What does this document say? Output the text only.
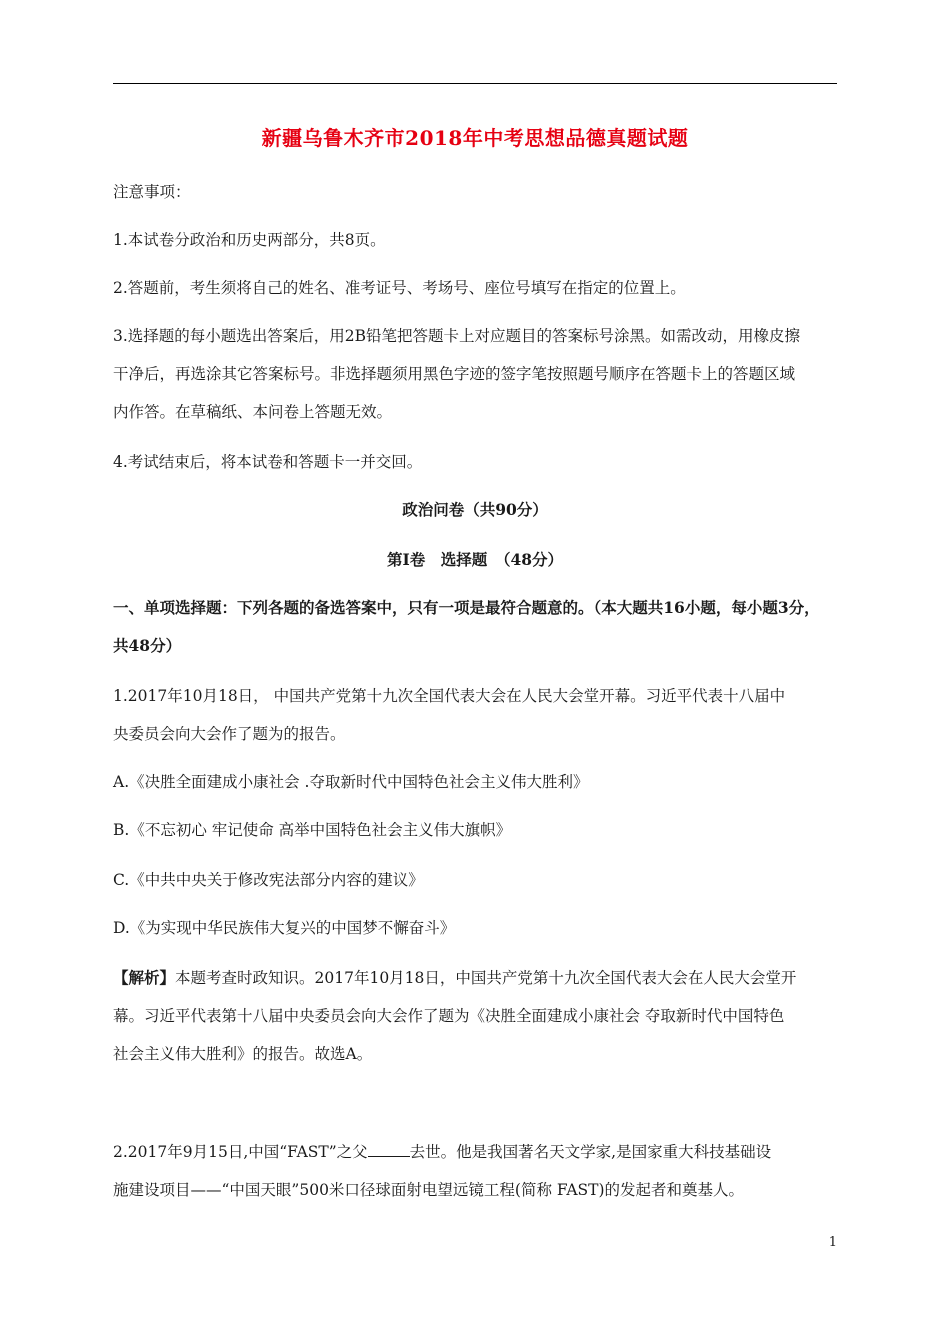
新疆乌鲁木齐市2018年中考思想品德真题试题
注意事项：
1.本试卷分政治和历史两部分，共8页。
2.答题前，考生须将自己的姓名、准考证号、考场号、座位号填写在指定的位置上。
3.选择题的每小题选出答案后，用2B铅笔把答题卡上对应题目的答案标号涂黑。如需改动，用橡皮擦
干净后，再选涂其它答案标号。非选择题须用黑色字迹的签字笔按照题号顺序在答题卡上的答题区域
内作答。在草稿纸、本问卷上答题无效。
4.考试结束后，将本试卷和答题卡一并交回。
政治问卷（共90分）
第Ⅰ卷　选择题　（48分）
一、单项选择题：下列各题的备选答案中，只有一项是最符合题意的。（本大题共16小题，每小题3分，
共48分）
1.2017年10月18日， 中国共产党第十九次全国代表大会在人民大会堂开幕。习近平代表十八届中
央委员会向大会作了题为的报告。
A.《决胜全面建成小康社会 .夺取新时代中国特色社会主义伟大胜利》
B.《不忘初心 牢记使命 高举中国特色社会主义伟大旗帜》
C.《中共中央关于修改宪法部分内容的建议》
D.《为实现中华民族伟大复兴的中国梦不懈奋斗》
【解析】本题考查时政知识。2017年10月18日，中国共产党第十九次全国代表大会在人民大会堂开
幕。习近平代表第十八届中央委员会向大会作了题为《决胜全面建成小康社会 夺取新时代中国特色
社会主义伟大胜利》的报告。故选A。
2.2017年9月15日,中国“FAST”之父	去世。他是我国著名天文学家,是国家重大科技基础设
施建设项目——“中国天眼”500米口径球面射电望远镜工程(简称 FAST)的发起者和奠基人。
1
